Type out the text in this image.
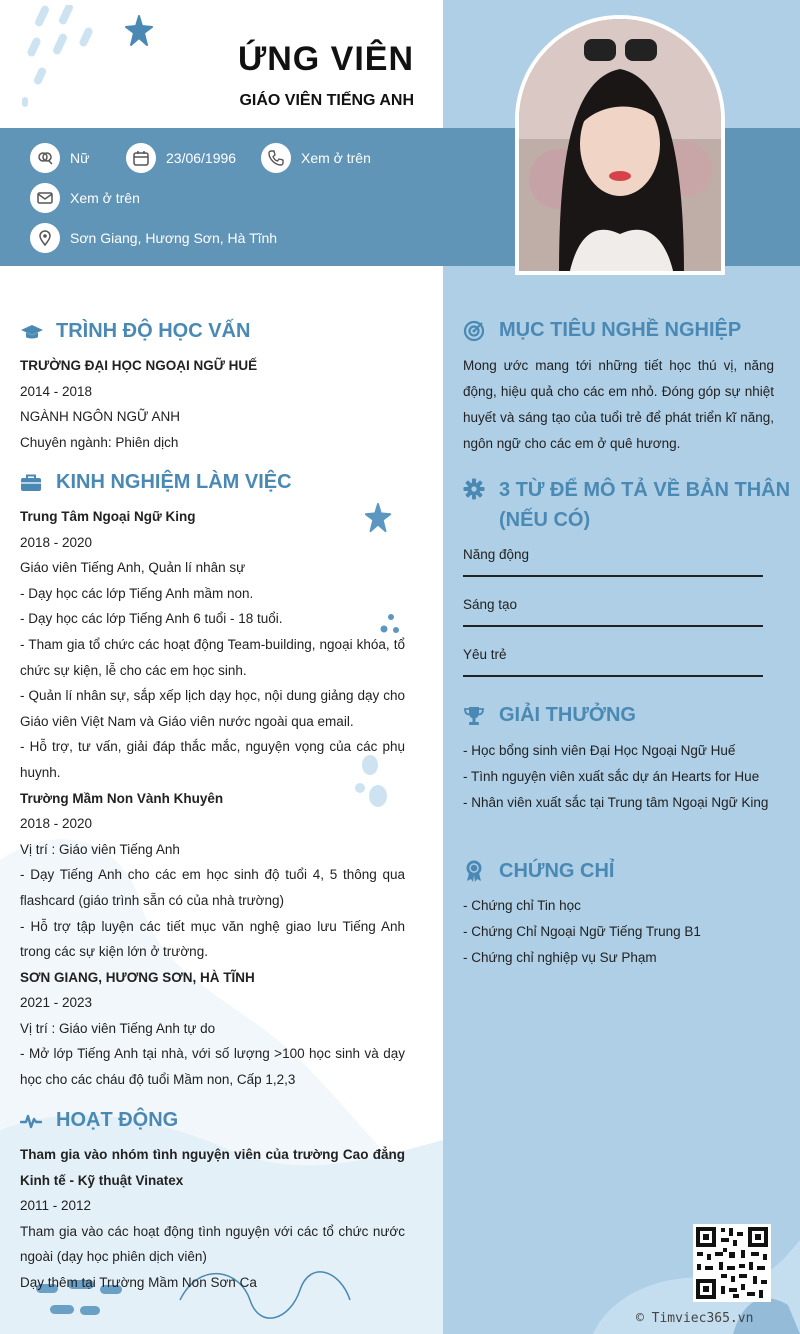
ỨNG VIÊN
GIÁO VIÊN TIẾNG ANH
Nữ	23/06/1996	Xem ở trên
Xem ở trên
Sơn Giang, Hương Sơn, Hà Tĩnh
TRÌNH ĐỘ HỌC VẤN
TRƯỜNG ĐẠI HỌC NGOẠI NGỮ HUẾ
2014 - 2018
NGÀNH NGÔN NGỮ ANH
Chuyên ngành: Phiên dịch
KINH NGHIỆM LÀM VIỆC
Trung Tâm Ngoại Ngữ King
2018 - 2020
Giáo viên Tiếng Anh, Quản lí nhân sự
- Dạy học các lớp Tiếng Anh mầm non.
- Dạy học các lớp Tiếng Anh 6 tuổi - 18 tuổi.
- Tham gia tổ chức các hoạt động Team-building, ngoại khóa, tổ chức sự kiện, lễ cho các em học sinh.
- Quản lí nhân sự, sắp xếp lịch dạy học, nội dung giảng dạy cho Giáo viên Việt Nam và Giáo viên nước ngoài qua email.
- Hỗ trợ, tư vấn, giải đáp thắc mắc, nguyện vọng của các phụ huynh.
Trường Mầm Non Vành Khuyên
2018 - 2020
Vị trí : Giáo viên Tiếng Anh
- Dạy Tiếng Anh cho các em học sinh độ tuổi 4, 5 thông qua flashcard (giáo trình sẵn có của nhà trường)
- Hỗ trợ tập luyện các tiết mục văn nghệ giao lưu Tiếng Anh trong các sự kiện lớn ở trường.
SƠN GIANG, HƯƠNG SƠN, HÀ TĨNH
2021 - 2023
Vị trí : Giáo viên Tiếng Anh tự do
- Mở lớp Tiếng Anh tại nhà, với số lượng >100 học sinh và dạy học cho các cháu độ tuổi Mầm non, Cấp 1,2,3
HOẠT ĐỘNG
Tham gia vào nhóm tình nguyện viên của trường Cao đẳng Kinh tế - Kỹ thuật Vinatex
2011 - 2012
Tham gia vào các hoạt động tình nguyện với các tổ chức nước ngoài (dạy học phiên dịch viên)
Dạy thêm tại Trường Mầm Non Sơn Ca
MỤC TIÊU NGHỀ NGHIỆP
Mong ước mang tới những tiết học thú vị, năng động, hiệu quả cho các em nhỏ. Đóng góp sự nhiệt huyết và sáng tạo của tuổi trẻ để phát triển kĩ năng, ngôn ngữ cho các em ở quê hương.
3 TỪ ĐỂ MÔ TẢ VỀ BẢN THÂN
(NẾU CÓ)
Năng động
Sáng tạo
Yêu trẻ
GIẢI THƯỞNG
- Học bổng sinh viên Đại Học Ngoại Ngữ Huế
- Tình nguyện viên xuất sắc dự án Hearts for Hue
- Nhân viên xuất sắc tại Trung tâm Ngoại Ngữ King
CHỨNG CHỈ
- Chứng chỉ Tin học
- Chứng Chỉ Ngoại Ngữ Tiếng Trung B1
- Chứng chỉ nghiệp vụ Sư Phạm
© Timviec365.vn
